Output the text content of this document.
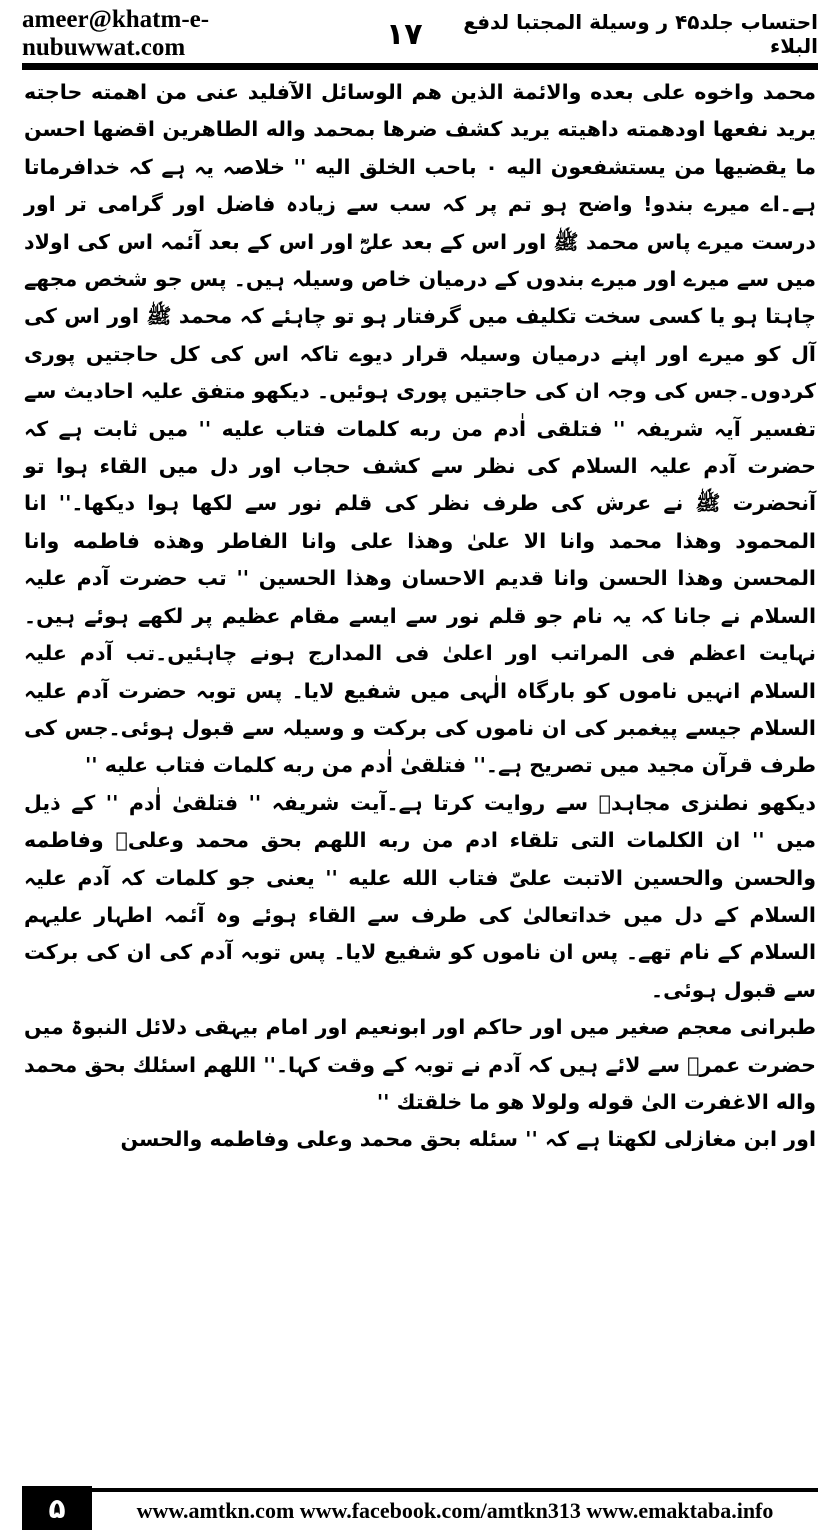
ameer@khatm-e-nubuwwat.com	١٧	احتساب جلد۴۵ ر وسیلة المجتبا لدفع البلاء

محمد واخوه على بعده والائمة الذين هم الوسائل الآفليد عنى من اهمته حاجته يريد نفعها اودهمته داهيته يريد كشف ضرها بمحمد واله الطاهرين اقضها احسن ما يقضيها من يستشفعون اليه ٠ باحب الخلق اليه '' خلاصہ یہ ہے کہ خدافرماتا ہے۔اے میرے بندو! واضح ہو تم پر کہ سب سے زیادہ فاضل اور گرامی تر اور درست میرے پاس محمد ﷺ اور اس کے بعد علیؓ اور اس کے بعد آئمہ اس کی اولاد میں سے میرے اور میرے بندوں کے درمیان خاص وسیلہ ہیں۔ پس جو شخص مجھے چاہتا ہو یا کسی سخت تکلیف میں گرفتار ہو تو چاہئے کہ محمد ﷺ اور اس کی آل کو میرے اور اپنے درمیان وسیلہ قرار دیوے تاکہ اس کی کل حاجتیں پوری کردوں۔جس کی وجہ ان کی حاجتیں پوری ہوئیں۔ دیکھو متفق علیہ احادیث سے تفسیر آیہ شریفہ '' فتلقى اٰدم من ربه كلمات فتاب عليه '' میں ثابت ہے کہ حضرت آدم علیہ السلام کی نظر سے کشف حجاب اور دل میں القاء ہوا تو آنحضرت ﷺ نے عرش کی طرف نظر کی قلم نور سے لکھا ہوا دیکھا۔'' انا المحمود وهذا محمد وانا الا علىٰ وهذا على وانا الفاطر وهذه فاطمه وانا المحسن وهذا الحسن وانا قديم الاحسان وهذا الحسين '' تب حضرت آدم علیہ السلام نے جانا کہ یہ نام جو قلم نور سے ایسے مقام عظیم پر لکھے ہوئے ہیں۔نہایت اعظم فی المراتب اور اعلیٰ فی المدارج ہونے چاہئیں۔تب آدم علیہ السلام انہیں ناموں کو بارگاہ الٰہی میں شفیع لایا۔ پس توبہ حضرت آدم علیہ السلام جیسے پیغمبر کی ان ناموں کی برکت و وسیلہ سے قبول ہوئی۔جس کی طرف قرآن مجید میں تصریح ہے۔'' فتلقىٰ اٰدم من ربه كلمات فتاب عليه ''

دیکھو نطنزی مجاہدؒ سے روایت کرتا ہے۔آیت شریفہ '' فتلقىٰ اٰدم '' کے ذیل میں '' ان الكلمات التى تلقاء ادم من ربه اللهم بحق محمد وعلیؓ وفاطمه والحسن والحسين الاتبت علىّ فتاب الله عليه '' یعنی جو کلمات کہ آدم علیہ السلام کے دل میں خداتعالیٰ کی طرف سے القاء ہوئے وہ آئمہ اطہار علیہم السلام کے نام تھے۔ پس ان ناموں کو شفیع لایا۔ پس توبہ آدم کی ان کی برکت سے قبول ہوئی۔

طبرانی معجم صغیر میں اور حاکم اور ابونعیم اور امام بیہقی دلائل النبوۃ میں حضرت عمرؓ سے لائے ہیں کہ آدم نے توبہ کے وقت کہا۔'' اللهم اسئلك بحق محمد واله الاغفرت الىٰ قوله ولولا هو ما خلقتك ''

اور ابن مغازلی لکھتا ہے کہ '' سئله بحق محمد وعلى وفاطمه والحسن

۵	www.amtkn.com www.facebook.com/amtkn313 www.emaktaba.info
